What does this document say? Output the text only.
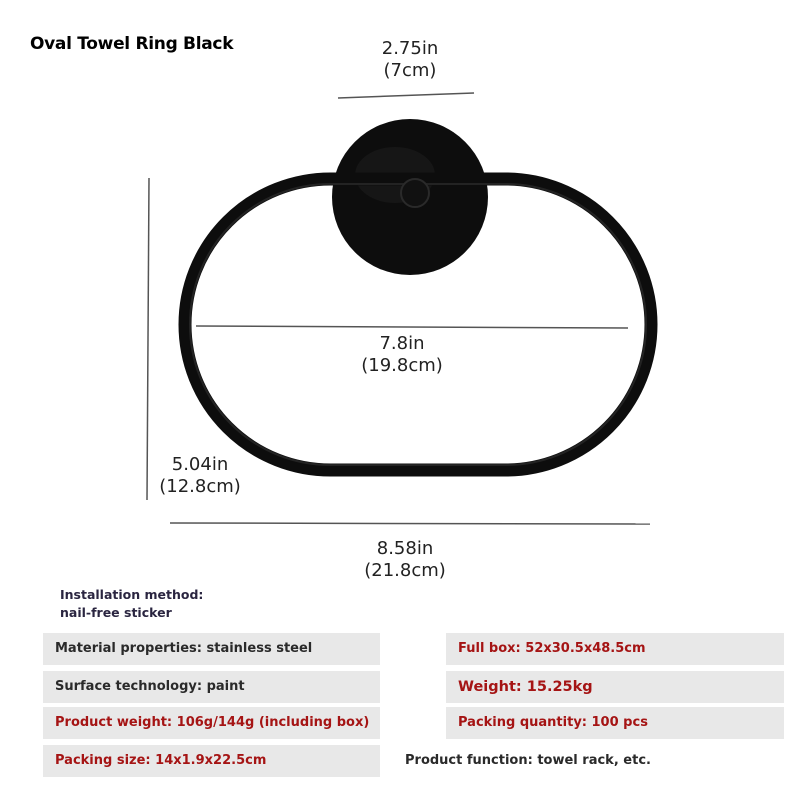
Oval Towel Ring Black	2.75in
(7cm)
7.8in
(19.8cm)
5.04in
(12.8cm)
8.58in
(21.8cm)
Installation method:
nail-free sticker
Material properties: stainless steel
Surface technology: paint
Product weight: 106g/144g (including box)
Packing size: 14x1.9x22.5cm
Full box: 52x30.5x48.5cm
Weight: 15.25kg
Packing quantity: 100 pcs
Product function: towel rack, etc.
